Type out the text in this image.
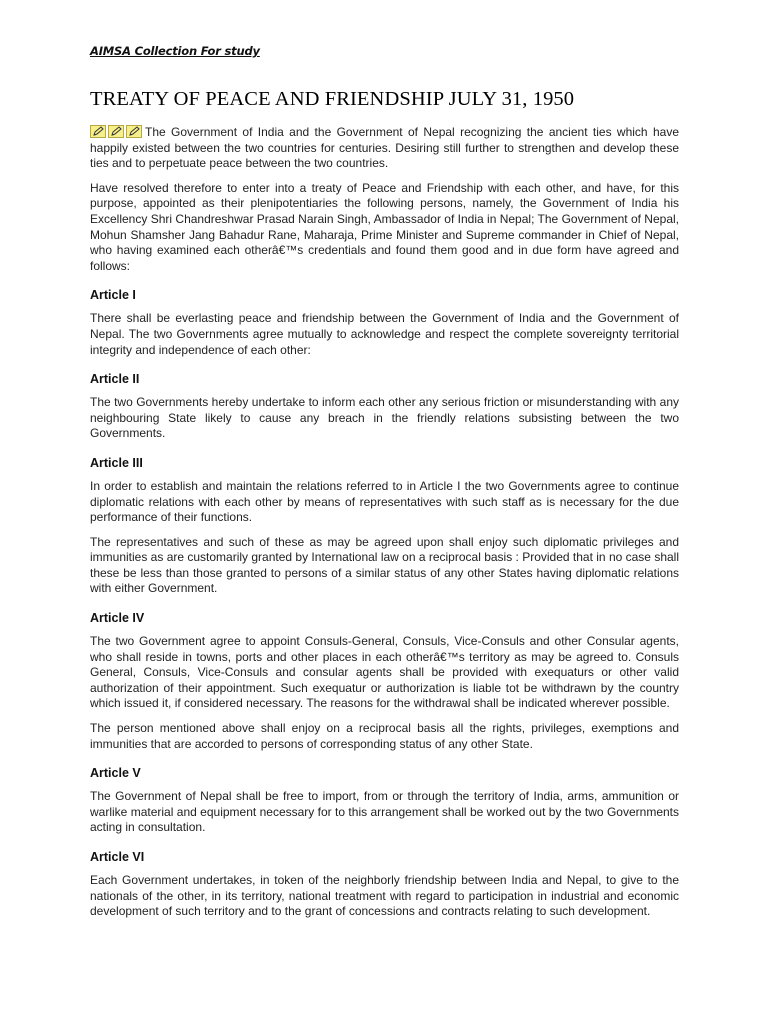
AIMSA Collection For study
TREATY OF PEACE AND FRIENDSHIP JULY 31, 1950

The Government of India and the Government of Nepal recognizing the ancient ties which have happily existed between the two countries for centuries. Desiring still further to strengthen and develop these ties and to perpetuate peace between the two countries.

Have resolved therefore to enter into a treaty of Peace and Friendship with each other, and have, for this purpose, appointed as their plenipotentiaries the following persons, namely, the Government of India his Excellency Shri Chandreshwar Prasad Narain Singh, Ambassador of India in Nepal; The Government of Nepal, Mohun Shamsher Jang Bahadur Rane, Maharaja, Prime Minister and Supreme commander in Chief of Nepal, who having examined each otherâ€™s credentials and found them good and in due form have agreed and follows:

Article I

There shall be everlasting peace and friendship between the Government of India and the Government of Nepal. The two Governments agree mutually to acknowledge and respect the complete sovereignty territorial integrity and independence of each other:

Article II

The two Governments hereby undertake to inform each other any serious friction or misunderstanding with any neighbouring State likely to cause any breach in the friendly relations subsisting between the two Governments.

Article III

In order to establish and maintain the relations referred to in Article I the two Governments agree to continue diplomatic relations with each other by means of representatives with such staff as is necessary for the due performance of their functions.

The representatives and such of these as may be agreed upon shall enjoy such diplomatic privileges and immunities as are customarily granted by International law on a reciprocal basis : Provided that in no case shall these be less than those granted to persons of a similar status of any other States having diplomatic relations with either Government.

Article IV

The two Government agree to appoint Consuls-General, Consuls, Vice-Consuls and other Consular agents, who shall reside in towns, ports and other places in each otherâ€™s territory as may be agreed to. Consuls General, Consuls, Vice-Consuls and consular agents shall be provided with exequaturs or other valid authorization of their appointment. Such exequatur or authorization is liable tot be withdrawn by the country which issued it, if considered necessary. The reasons for the withdrawal shall be indicated wherever possible.

The person mentioned above shall enjoy on a reciprocal basis all the rights, privileges, exemptions and immunities that are accorded to persons of corresponding status of any other State.

Article V

The Government of Nepal shall be free to import, from or through the territory of India, arms, ammunition or warlike material and equipment necessary for to this arrangement shall be worked out by the two Governments acting in consultation.

Article VI

Each Government undertakes, in token of the neighborly friendship between India and Nepal, to give to the nationals of the other, in its territory, national treatment with regard to participation in industrial and economic development of such territory and to the grant of concessions and contracts relating to such development.
